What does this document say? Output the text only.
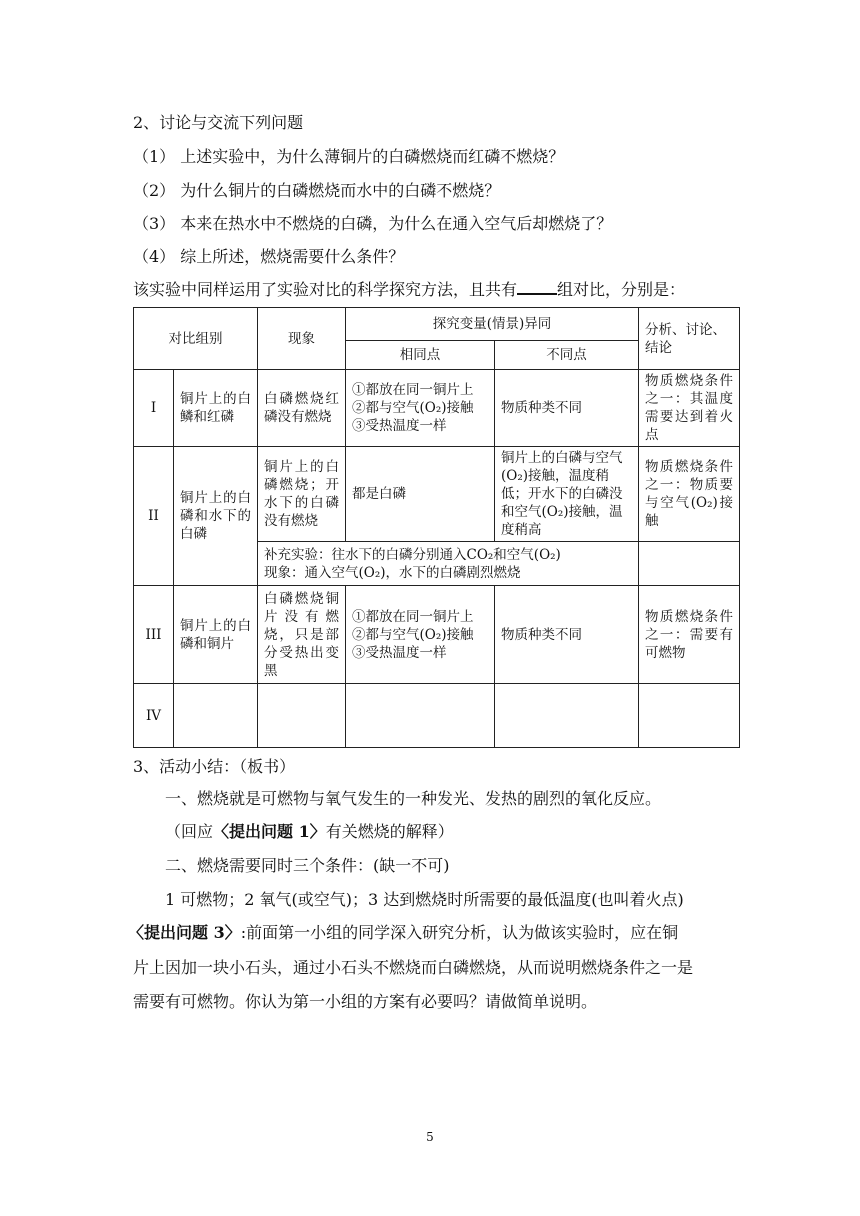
2、讨论与交流下列问题
（1） 上述实验中，为什么薄铜片的白磷燃烧而红磷不燃烧？
（2） 为什么铜片的白磷燃烧而水中的白磷不燃烧？
（3） 本来在热水中不燃烧的白磷，为什么在通入空气后却燃烧了？
（4） 综上所述，燃烧需要什么条件？
该实验中同样运用了实验对比的科学探究方法，且共有	组对比，分别是：
对比组别		现象	探究变量(情景)异同		分析、讨论、结论
			相同点	不同点	
I	铜片上的白鳞和红磷	白磷燃烧红磷没有燃烧	①都放在同一铜片上
②都与空气(O₂)接触
③受热温度一样	物质种类不同	物质燃烧条件之一：其温度需要达到着火点
II	铜片上的白磷和水下的白磷	铜片上的白磷燃烧；开水下的白磷没有燃烧	都是白磷	铜片上的白磷与空气(O₂)接触，温度稍低；开水下的白磷没和空气(O₂)接触，温度稍高	物质燃烧条件之一：物质要与空气(O₂)接触

		补充实验：往水下的白磷分别通入CO₂和空气(O₂)
现象：通入空气(O₂)，水下的白磷剧烈燃烧			

III	铜片上的白磷和铜片	白磷燃烧铜片没有燃烧，只是部分受热出变黑	①都放在同一铜片上
②都与空气(O₂)接触
③受热温度一样	物质种类不同	物质燃烧条件之一：需要有可燃物
IV					
3、活动小结：（板书）
一、燃烧就是可燃物与氧气发生的一种发光、发热的剧烈的氧化反应。
（回应〈提出问题 1〉有关燃烧的解释）
二、燃烧需要同时三个条件：(缺一不可)
1 可燃物；2 氧气(或空气)；3 达到燃烧时所需要的最低温度(也叫着火点)
〈提出问题 3〉:前面第一小组的同学深入研究分析，认为做该实验时，应在铜
片上因加一块小石头，通过小石头不燃烧而白磷燃烧，从而说明燃烧条件之一是
需要有可燃物。你认为第一小组的方案有必要吗？请做简单说明。
5
